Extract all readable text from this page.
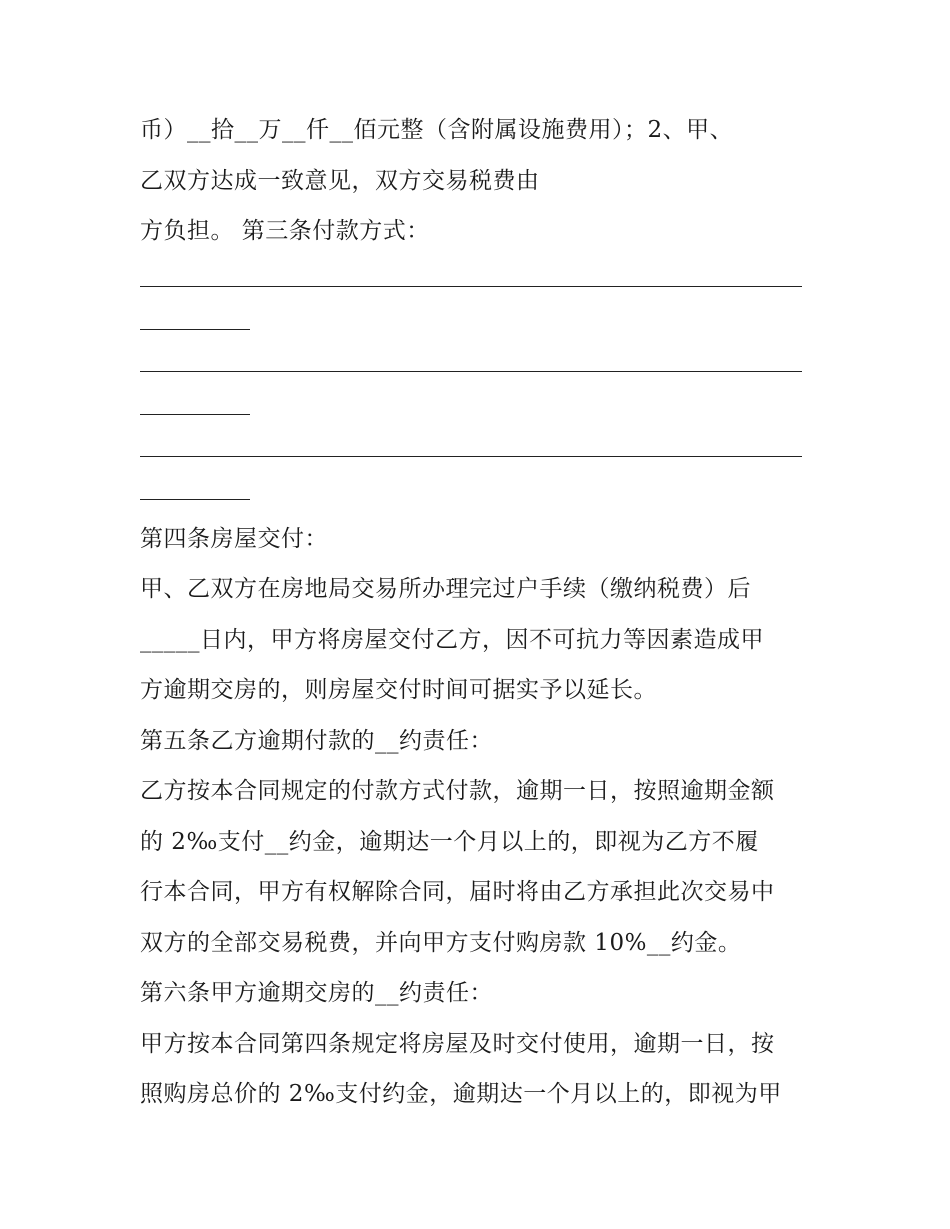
币）__拾__万__仟__佰元整（含附属设施费用）；2、甲、
乙双方达成一致意见，双方交易税费由
方负担。 第三条付款方式：
第四条房屋交付：
甲、乙双方在房地局交易所办理完过户手续（缴纳税费）后
_____日内，甲方将房屋交付乙方，因不可抗力等因素造成甲
方逾期交房的，则房屋交付时间可据实予以延长。
第五条乙方逾期付款的__约责任：
乙方按本合同规定的付款方式付款，逾期一日，按照逾期金额
的 2‰支付__约金，逾期达一个月以上的，即视为乙方不履
行本合同，甲方有权解除合同，届时将由乙方承担此次交易中
双方的全部交易税费，并向甲方支付购房款 10%__约金。
第六条甲方逾期交房的__约责任：
甲方按本合同第四条规定将房屋及时交付使用，逾期一日，按
照购房总价的 2‰支付约金，逾期达一个月以上的，即视为甲
